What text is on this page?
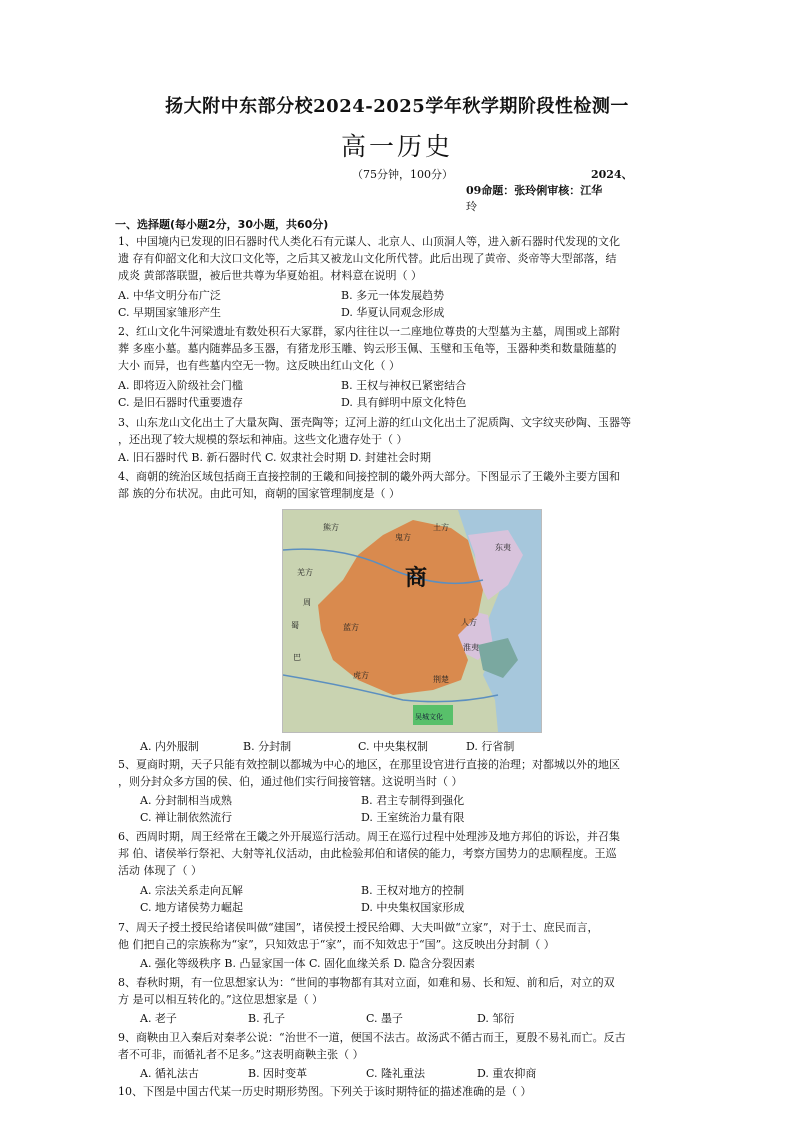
扬大附中东部分校2024-2025学年秋学期阶段性检测一
高一历史
（75分钟，100分）	2024、
09命题：张玲俐审核：江华
玲
一、选择题(每小题2分，30小题，共60分)
1、中国境内已发现的旧石器时代人类化石有元谋人、北京人、山顶洞人等，进入新石器时代发现的文化
遗 存有仰韶文化和大汶口文化等，之后其又被龙山文化所代替。此后出现了黄帝、炎帝等大型部落，结
成炎 黄部落联盟，被后世共尊为华夏始祖。材料意在说明（ ）
A. 中华文明分布广泛	B. 多元一体发展趋势
C. 早期国家雏形产生	D. 华夏认同观念形成
2、红山文化牛河梁遗址有数处积石大冢群，冢内往往以一二座地位尊贵的大型墓为主墓，周围或上部附
葬 多座小墓。墓内随葬品多玉器，有猪龙形玉雕、钩云形玉佩、玉璧和玉龟等，玉器种类和数量随墓的
大小 而异，也有些墓内空无一物。这反映出红山文化（ ）
A. 即将迈入阶级社会门槛	B. 王权与神权已紧密结合
C. 是旧石器时代重要遗存	D. 具有鲜明中原文化特色
3、山东龙山文化出土了大量灰陶、蛋壳陶等；辽河上游的红山文化出土了泥质陶、文字纹夹砂陶、玉器等
，还出现了较大规模的祭坛和神庙。这些文化遗存处于（ ）
A. 旧石器时代 B. 新石器时代 C. 奴隶社会时期 D. 封建社会时期
4、商朝的统治区域包括商王直接控制的王畿和间接控制的畿外两大部分。下图显示了王畿外主要方国和
部 族的分布状况。由此可知，商朝的国家管理制度是（ ）
商
鬼方
土方
羌方
人方
淮夷
虎方	荆楚
巴
蜀
吴城文化
周
蓝方
东夷
熊方
A. 内外服制	B. 分封制	C. 中央集权制	D. 行省制
5、夏商时期，天子只能有效控制以都城为中心的地区，在那里设官进行直接的治理；对都城以外的地区
，则分封众多方国的侯、伯，通过他们实行间接管辖。这说明当时（ ）
A. 分封制相当成熟	B. 君主专制得到强化
C. 禅让制依然流行	D. 王室统治力量有限
6、西周时期，周王经常在王畿之外开展巡行活动。周王在巡行过程中处理涉及地方邦伯的诉讼，并召集
邦 伯、诸侯举行祭祀、大射等礼仪活动，由此检验邦伯和诸侯的能力，考察方国势力的忠顺程度。王巡
活动 体现了（ ）
A. 宗法关系走向瓦解	B. 王权对地方的控制
C. 地方诸侯势力崛起	D. 中央集权国家形成
7、周天子授土授民给诸侯叫做“建国”，诸侯授土授民给卿、大夫叫做“立家”，对于士、庶民而言，
他 们把自己的宗族称为“家”，只知效忠于“家”，而不知效忠于“国”。这反映出分封制（ ）
A. 强化等级秩序 B. 凸显家国一体 C. 固化血缘关系 D. 隐含分裂因素
8、春秋时期，有一位思想家认为：“世间的事物都有其对立面，如难和易、长和短、前和后，对立的双
方 是可以相互转化的。”这位思想家是（ ）
A. 老子	B. 孔子	C. 墨子	D. 邹衍
9、商鞅由卫入秦后对秦孝公说：“治世不一道，便国不法古。故汤武不循古而王，夏殷不易礼而亡。反古
者不可非，而循礼者不足多。”这表明商鞅主张（ ）
A. 循礼法古	B. 因时变革	C. 隆礼重法	D. 重农抑商
10、下图是中国古代某一历史时期形势图。下列关于该时期特征的描述准确的是（ ）
